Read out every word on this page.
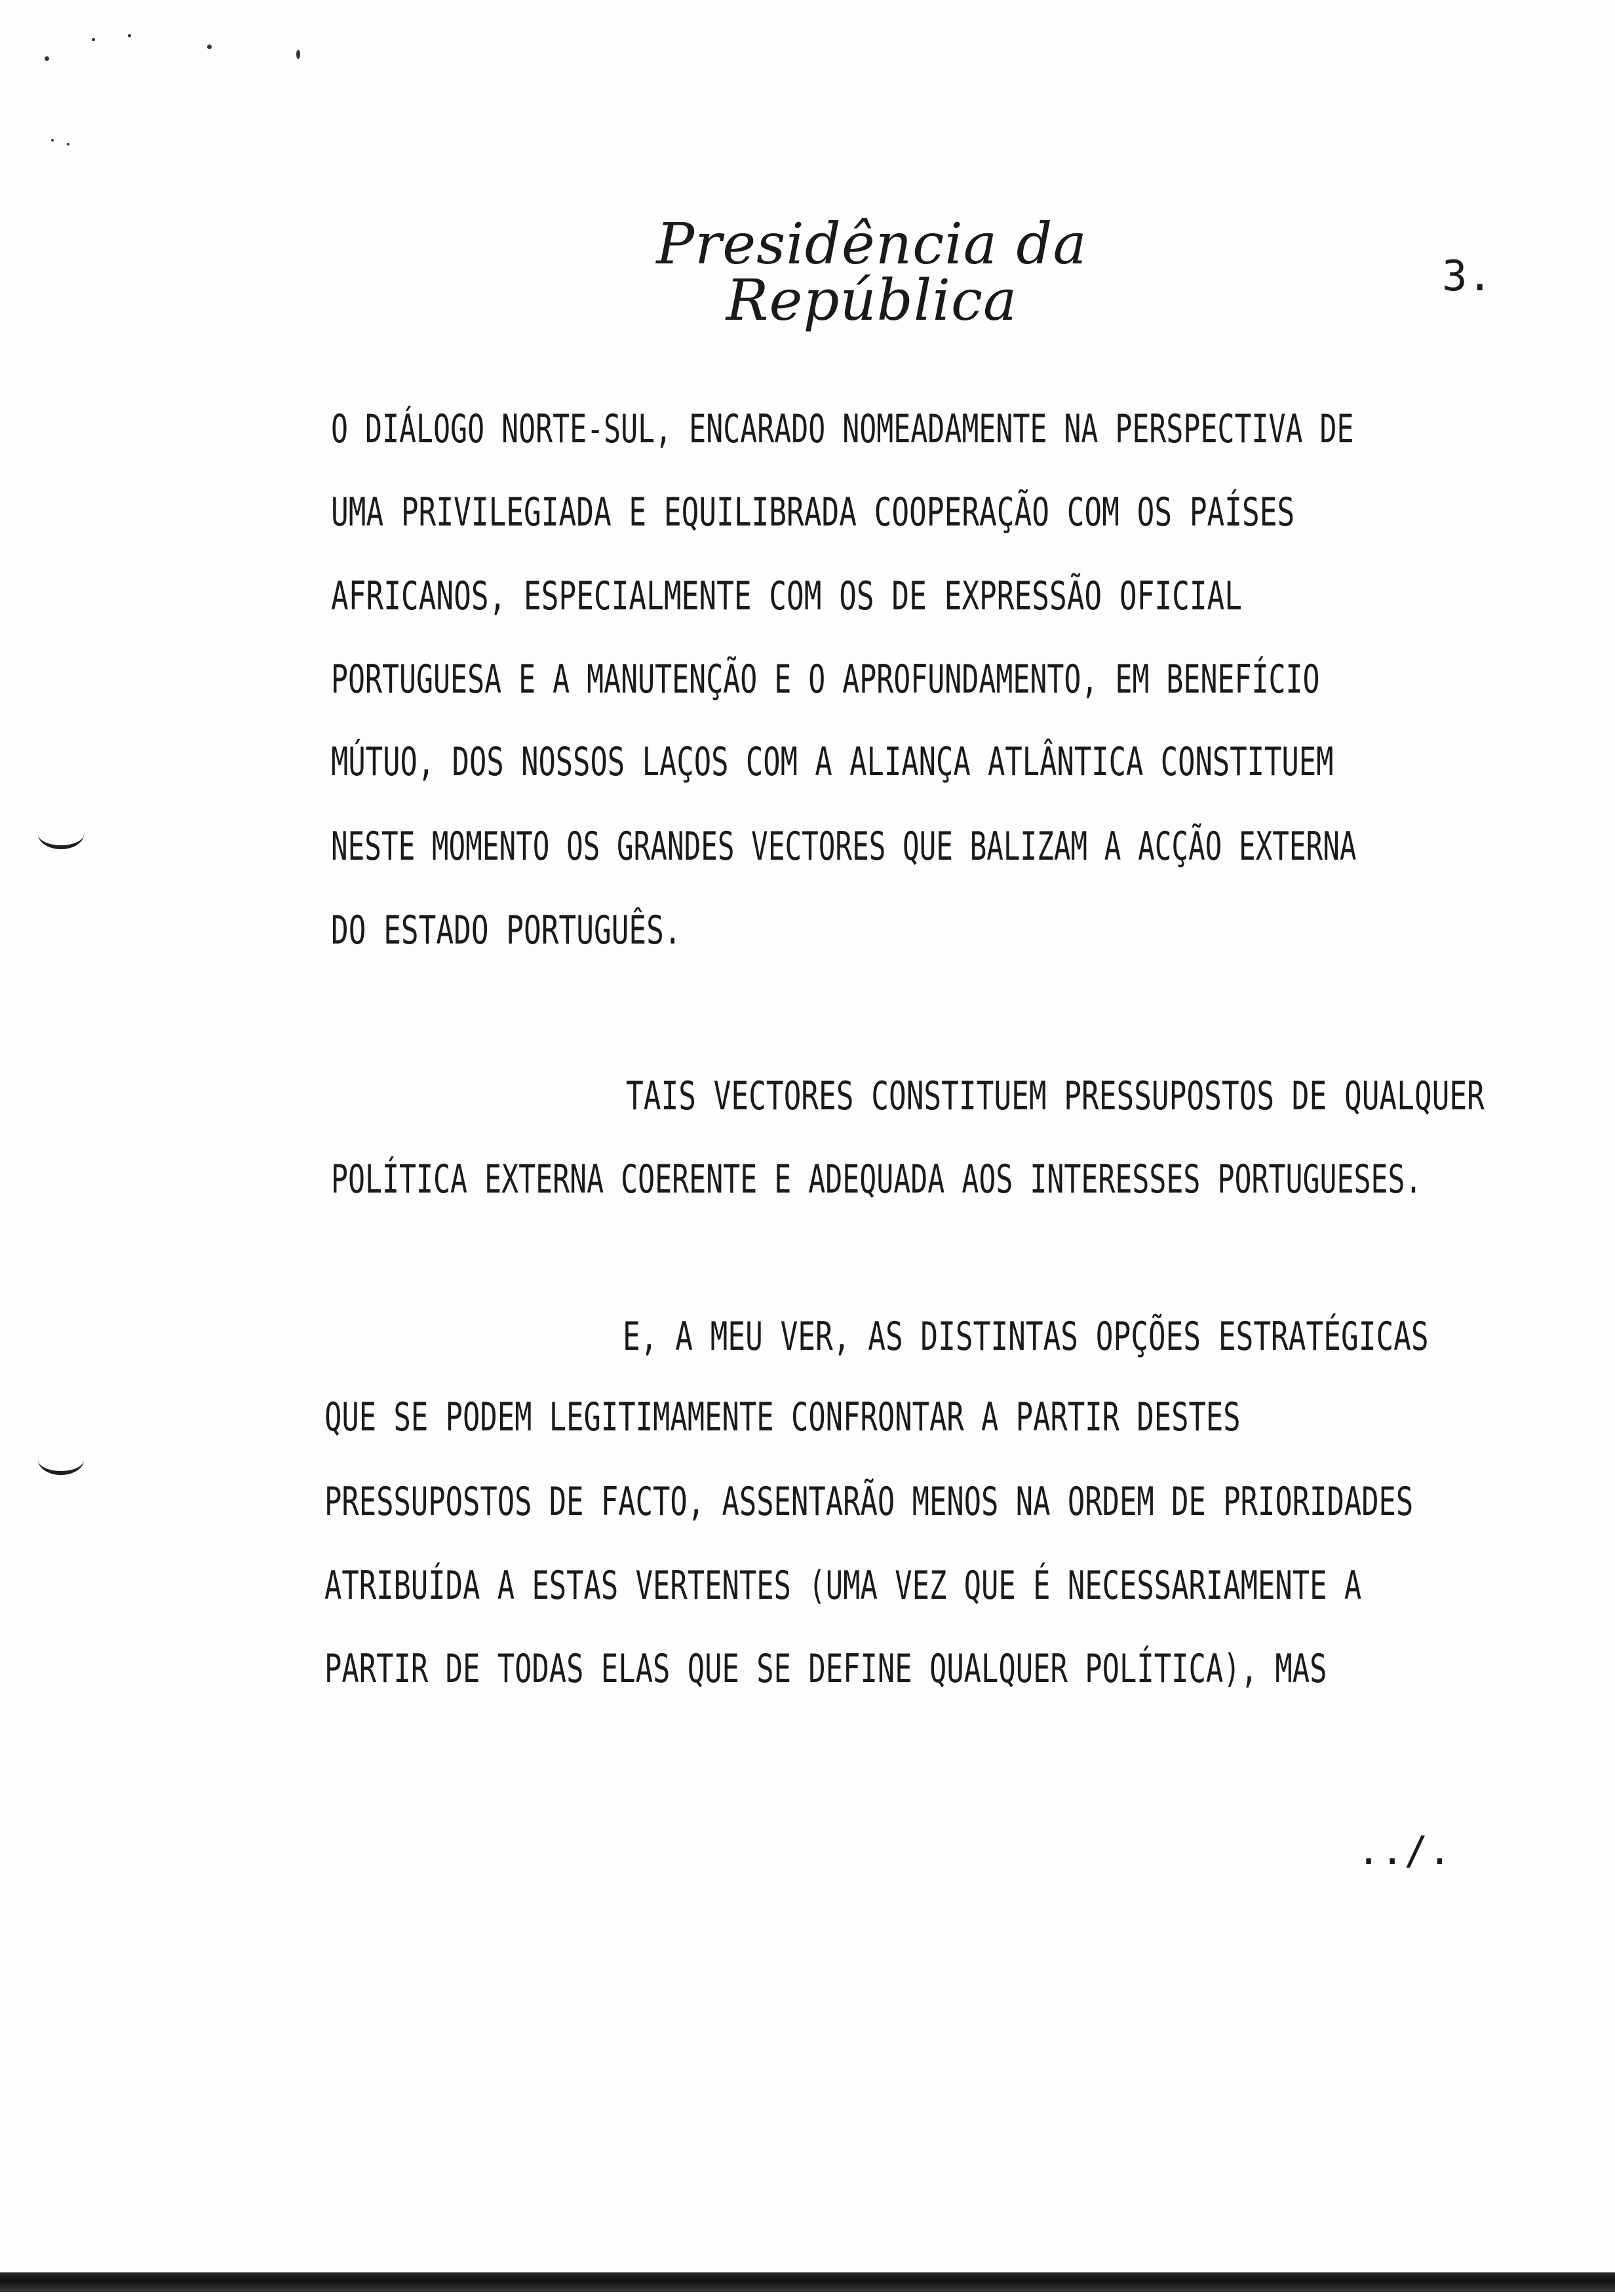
Presidência da República	3.
O DIÁLOGO NORTE-SUL, ENCARADO NOMEADAMENTE NA PERSPECTIVA DE
UMA PRIVILEGIADA E EQUILIBRADA COOPERAÇÃO COM OS PAÍSES
AFRICANOS, ESPECIALMENTE COM OS DE EXPRESSÃO OFICIAL
PORTUGUESA E A MANUTENÇÃO E O APROFUNDAMENTO, EM BENEFÍCIO
MÚTUO, DOS NOSSOS LAÇOS COM A ALIANÇA ATLÂNTICA CONSTITUEM
NESTE MOMENTO OS GRANDES VECTORES QUE BALIZAM A ACÇÃO EXTERNA
DO ESTADO PORTUGUÊS.
TAIS VECTORES CONSTITUEM PRESSUPOSTOS DE QUALQUER
POLÍTICA EXTERNA COERENTE E ADEQUADA AOS INTERESSES PORTUGUESES.
E, A MEU VER, AS DISTINTAS OPÇÕES ESTRATÉGICAS
QUE SE PODEM LEGITIMAMENTE CONFRONTAR A PARTIR DESTES
PRESSUPOSTOS DE FACTO, ASSENTARÃO MENOS NA ORDEM DE PRIORIDADES
ATRIBUÍDA A ESTAS VERTENTES (UMA VEZ QUE É NECESSARIAMENTE A
PARTIR DE TODAS ELAS QUE SE DEFINE QUALQUER POLÍTICA), MAS
../.
